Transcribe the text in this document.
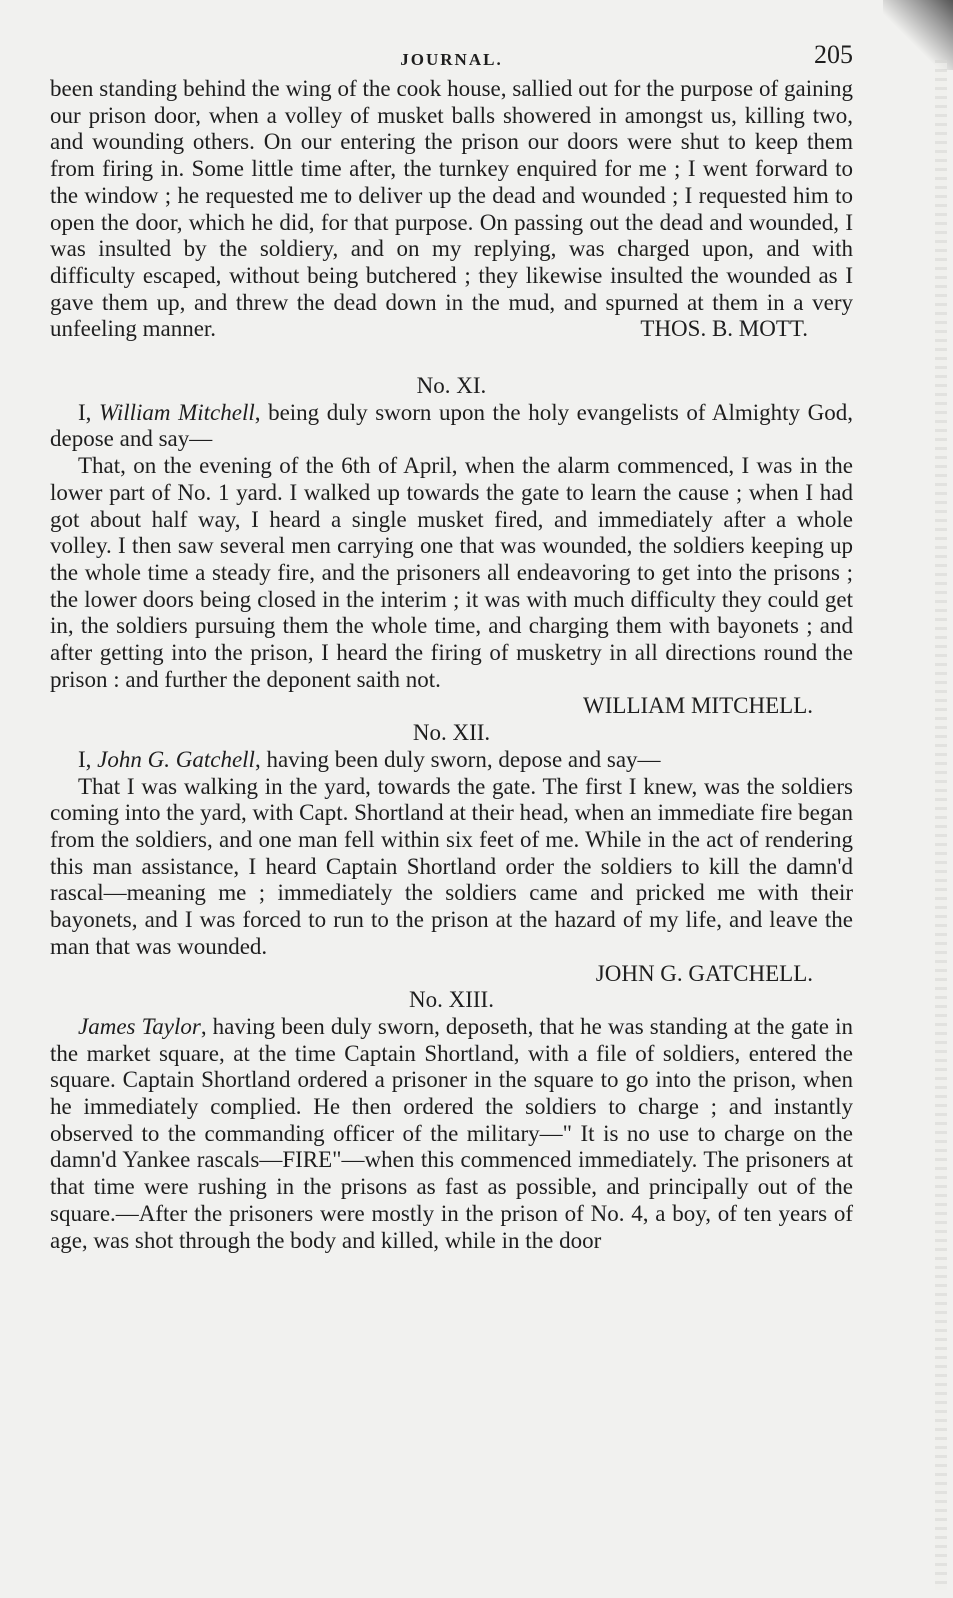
JOURNAL.	205

been standing behind the wing of the cook house, sallied out for the purpose of gaining our prison door, when a volley of musket balls showered in amongst us, killing two, and wounding others. On our entering the prison our doors were shut to keep them from firing in. Some little time after, the turnkey enquired for me ; I went forward to the window ; he requested me to deliver up the dead and wounded ; I requested him to open the door, which he did, for that purpose. On passing out the dead and wounded, I was insulted by the soldiery, and on my replying, was charged upon, and with difficulty escaped, without being butchered ; they likewise insulted the wounded as I gave them up, and threw the dead down in the mud, and spurned at them in a very unfeeling manner.	THOS. B. MOTT.
No. XI.

I, William Mitchell, being duly sworn upon the holy evangelists of Almighty God, depose and say—

That, on the evening of the 6th of April, when the alarm commenced, I was in the lower part of No. 1 yard. I walked up towards the gate to learn the cause ; when I had got about half way, I heard a single musket fired, and immediately after a whole volley. I then saw several men carrying one that was wounded, the soldiers keeping up the whole time a steady fire, and the prisoners all endeavoring to get into the prisons ; the lower doors being closed in the interim ; it was with much difficulty they could get in, the soldiers pursuing them the whole time, and charging them with bayonets ; and after getting into the prison, I heard the firing of musketry in all directions round the prison : and further the deponent saith not.

WILLIAM MITCHELL.
No. XII.

I, John G. Gatchell, having been duly sworn, depose and say—

That I was walking in the yard, towards the gate. The first I knew, was the soldiers coming into the yard, with Capt. Shortland at their head, when an immediate fire began from the soldiers, and one man fell within six feet of me. While in the act of rendering this man assistance, I heard Captain Shortland order the soldiers to kill the damn'd rascal—meaning me ; immediately the soldiers came and pricked me with their bayonets, and I was forced to run to the prison at the hazard of my life, and leave the man that was wounded.

JOHN G. GATCHELL.
No. XIII.

James Taylor, having been duly sworn, deposeth, that he was standing at the gate in the market square, at the time Captain Shortland, with a file of soldiers, entered the square. Captain Shortland ordered a prisoner in the square to go into the prison, when he immediately complied. He then ordered the soldiers to charge ; and instantly observed to the commanding officer of the military—" It is no use to charge on the damn'd Yankee rascals—FIRE"—when this commenced immediately. The prisoners at that time were rushing in the prisons as fast as possible, and principally out of the square.—After the prisoners were mostly in the prison of No. 4, a boy, of ten years of age, was shot through the body and killed, while in the door
